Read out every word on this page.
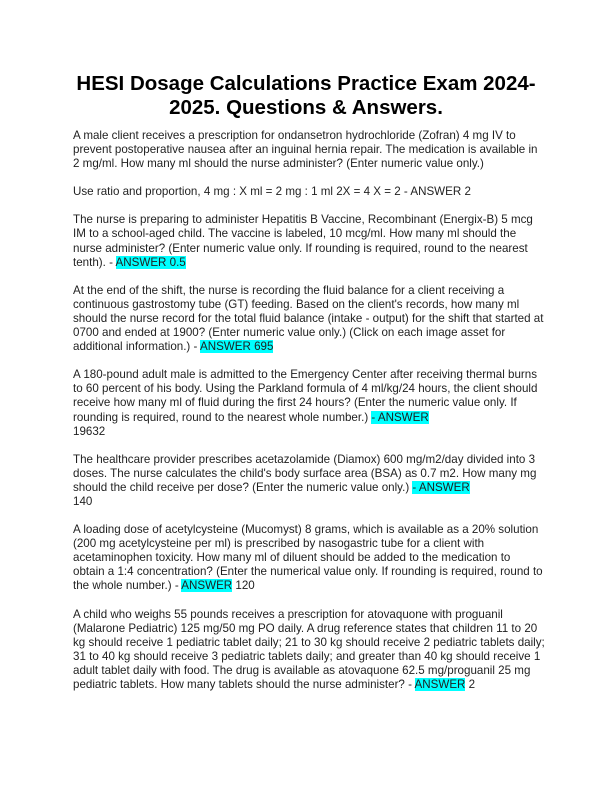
HESI Dosage Calculations Practice Exam 2024-2025. Questions & Answers.

A male client receives a prescription for ondansetron hydrochloride (Zofran) 4 mg IV to prevent postoperative nausea after an inguinal hernia repair. The medication is available in 2 mg/ml. How many ml should the nurse administer? (Enter numeric value only.)

Use ratio and proportion, 4 mg : X ml = 2 mg : 1 ml 2X = 4 X = 2 - ANSWER 2

The nurse is preparing to administer Hepatitis B Vaccine, Recombinant (Energix-B) 5 mcg IM to a school-aged child. The vaccine is labeled, 10 mcg/ml. How many ml should the nurse administer? (Enter numeric value only. If rounding is required, round to the nearest tenth). - ANSWER 0.5

At the end of the shift, the nurse is recording the fluid balance for a client receiving a continuous gastrostomy tube (GT) feeding. Based on the client's records, how many ml should the nurse record for the total fluid balance (intake - output) for the shift that started at 0700 and ended at 1900? (Enter numeric value only.) (Click on each image asset for additional information.) - ANSWER 695

A 180-pound adult male is admitted to the Emergency Center after receiving thermal burns to 60 percent of his body. Using the Parkland formula of 4 ml/kg/24 hours, the client should receive how many ml of fluid during the first 24 hours? (Enter the numeric value only. If rounding is required, round to the nearest whole number.) - ANSWER
19632

The healthcare provider prescribes acetazolamide (Diamox) 600 mg/m2/day divided into 3 doses. The nurse calculates the child's body surface area (BSA) as 0.7 m2. How many mg should the child receive per dose? (Enter the numeric value only.) - ANSWER
140

A loading dose of acetylcysteine (Mucomyst) 8 grams, which is available as a 20% solution (200 mg acetylcysteine per ml) is prescribed by nasogastric tube for a client with acetaminophen toxicity. How many ml of diluent should be added to the medication to obtain a 1:4 concentration? (Enter the numerical value only. If rounding is required, round to the whole number.) - ANSWER 120

A child who weighs 55 pounds receives a prescription for atovaquone with proguanil (Malarone Pediatric) 125 mg/50 mg PO daily. A drug reference states that children 11 to 20 kg should receive 1 pediatric tablet daily; 21 to 30 kg should receive 2 pediatric tablets daily; 31 to 40 kg should receive 3 pediatric tablets daily; and greater than 40 kg should receive 1 adult tablet daily with food. The drug is available as atovaquone 62.5 mg/proguanil 25 mg pediatric tablets. How many tablets should the nurse administer? - ANSWER 2
